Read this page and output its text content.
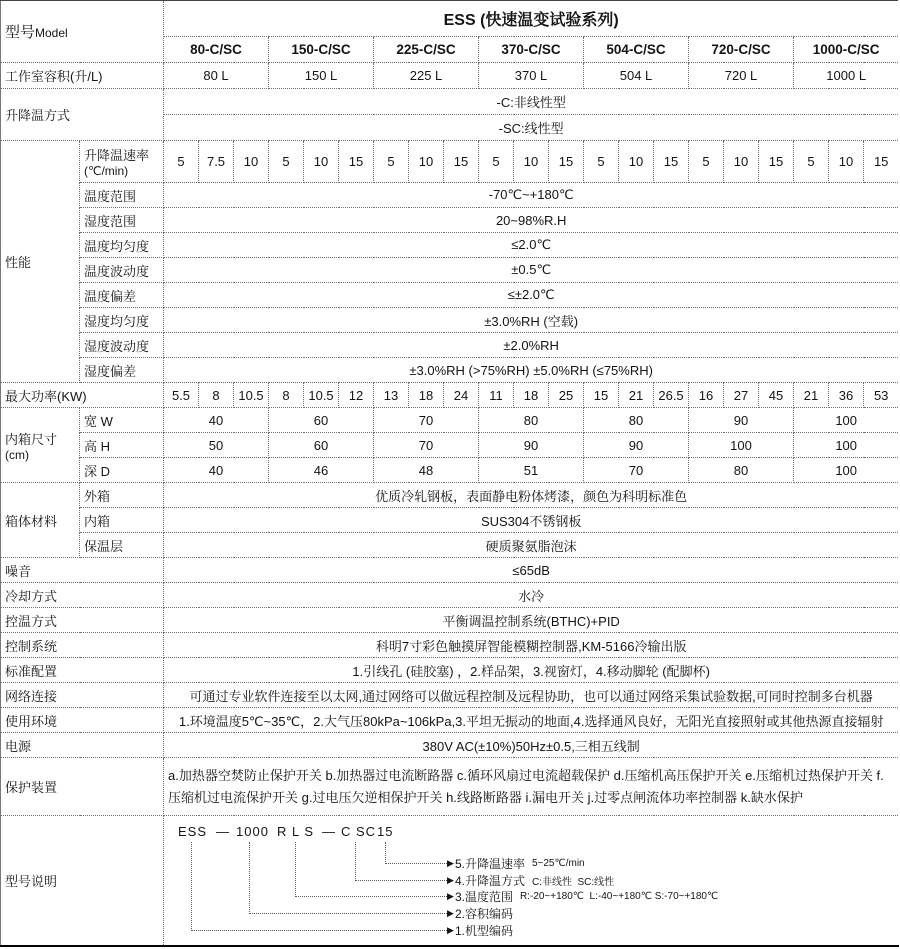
型号Model		ESS (快速温变试验系列)																				
		80-C/SC			150-C/SC			225-C/SC			370-C/SC			504-C/SC			720-C/SC			1000-C/SC		
工作室容积(升/L)		80 L			150 L			225 L			370 L			504 L			720 L			1000 L		
升降温方式		-C:非线性型																				
		-SC:线性型																				
性能	升降温速率
(℃/min)	5	7.5	10	5	10	15	5	10	15	5	10	15	5	10	15	5	10	15	5	10	15
	温度范围	-70℃~+180℃																				
	湿度范围	20~98%R.H																				
	温度均匀度	≤2.0℃																				
	温度波动度	±0.5℃																				
	温度偏差	≤±2.0℃																				
	湿度均匀度	±3.0%RH (空载)																				
	湿度波动度	±2.0%RH																				
	湿度偏差	±3.0%RH (>75%RH) ±5.0%RH (≤75%RH)																				
最大功率(KW)		5.5	8	10.5	8	10.5	12	13	18	24	11	18	25	15	21	26.5	16	27	45	21	36	53

内箱尺寸
(cm)	宽 W	40			60			70			80			80			90			100		
	高 H	50			60			70			90			90			100			100		
	深 D	40			46			48			51			70			80			100		
箱体材料	外箱	优质冷轧钢板，表面静电粉体烤漆，颜色为科明标准色																				
	内箱	SUS304不锈钢板																				
	保温层	硬质聚氨脂泡沫																				
噪音		≤65dB																				
冷却方式		水冷																				
控温方式		平衡调温控制系统(BTHC)+PID																				
控制系统		科明7寸彩色触摸屏智能模糊控制器,KM-5166冷输出版																				
标准配置		1.引线孔 (硅胶塞) ，2.样品架，3.视窗灯，4.移动脚轮 (配脚杯)																				
网络连接		可通过专业软件连接至以太网,通过网络可以做远程控制及远程协助，也可以通过网络采集试验数据,可同时控制多台机器																				
使用环境		1.环境温度5℃~35℃，2.大气压80kPa~106kPa,3.平坦无振动的地面,4.选择通风良好，无阳光直接照射或其他热源直接辐射																				
电源		380V AC(±10%)50Hz±0.5,三相五线制																				
保护装置		a.加热器空焚防止保护开关 b.加热器过电流断路器 c.循环风扇过电流超载保护 d.压缩机高压保护开关 e.压缩机过热保护开关 f.压缩机过电流保护开关 g.过电压欠逆相保护开关 h.线路断路器 i.漏电开关 j.过零点闸流体功率控制器 k.缺水保护																				
型号说明	
ESS — 1000 R L S — C SC 15
▶ 5.升降温速率 5~25℃/min
▶ 4.升降温方式 C:非线性  SC:线性
▶ 3.温度范围 R:-20~+180℃  L:-40~+180℃ S:-70~+180℃
▶ 2.容积编码
▶ 1.机型编码
